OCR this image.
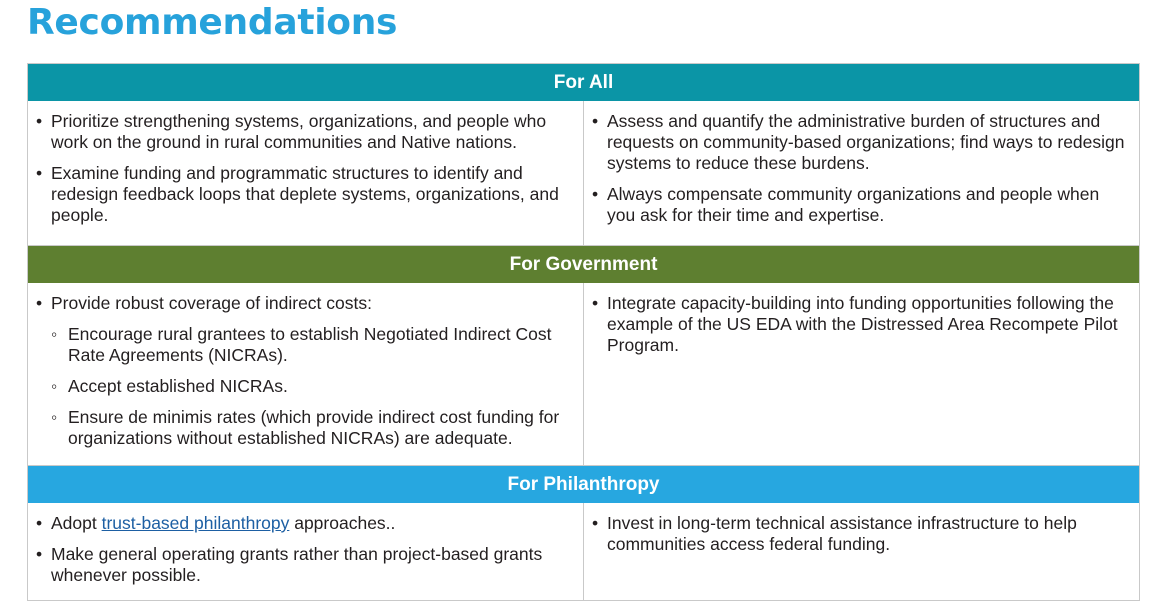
Recommendations
For All
• Prioritize strengthening systems, organizations, and people who work on the ground in rural communities and Native nations.
• Examine funding and programmatic structures to identify and redesign feedback loops that deplete systems, organizations, and people.
• Assess and quantify the administrative burden of structures and requests on community-based organizations; find ways to redesign systems to reduce these burdens.
• Always compensate community organizations and people when you ask for their time and expertise.
For Government
• Provide robust coverage of indirect costs:
◦ Encourage rural grantees to establish Negotiated Indirect Cost Rate Agreements (NICRAs).
◦ Accept established NICRAs.
◦ Ensure de minimis rates (which provide indirect cost funding for organizations without established NICRAs) are adequate.
• Integrate capacity-building into funding opportunities following the example of the US EDA with the Distressed Area Recompete Pilot Program.
For Philanthropy
• Adopt trust-based philanthropy approaches..
• Make general operating grants rather than project-based grants whenever possible.
• Invest in long-term technical assistance infrastructure to help communities access federal funding.
